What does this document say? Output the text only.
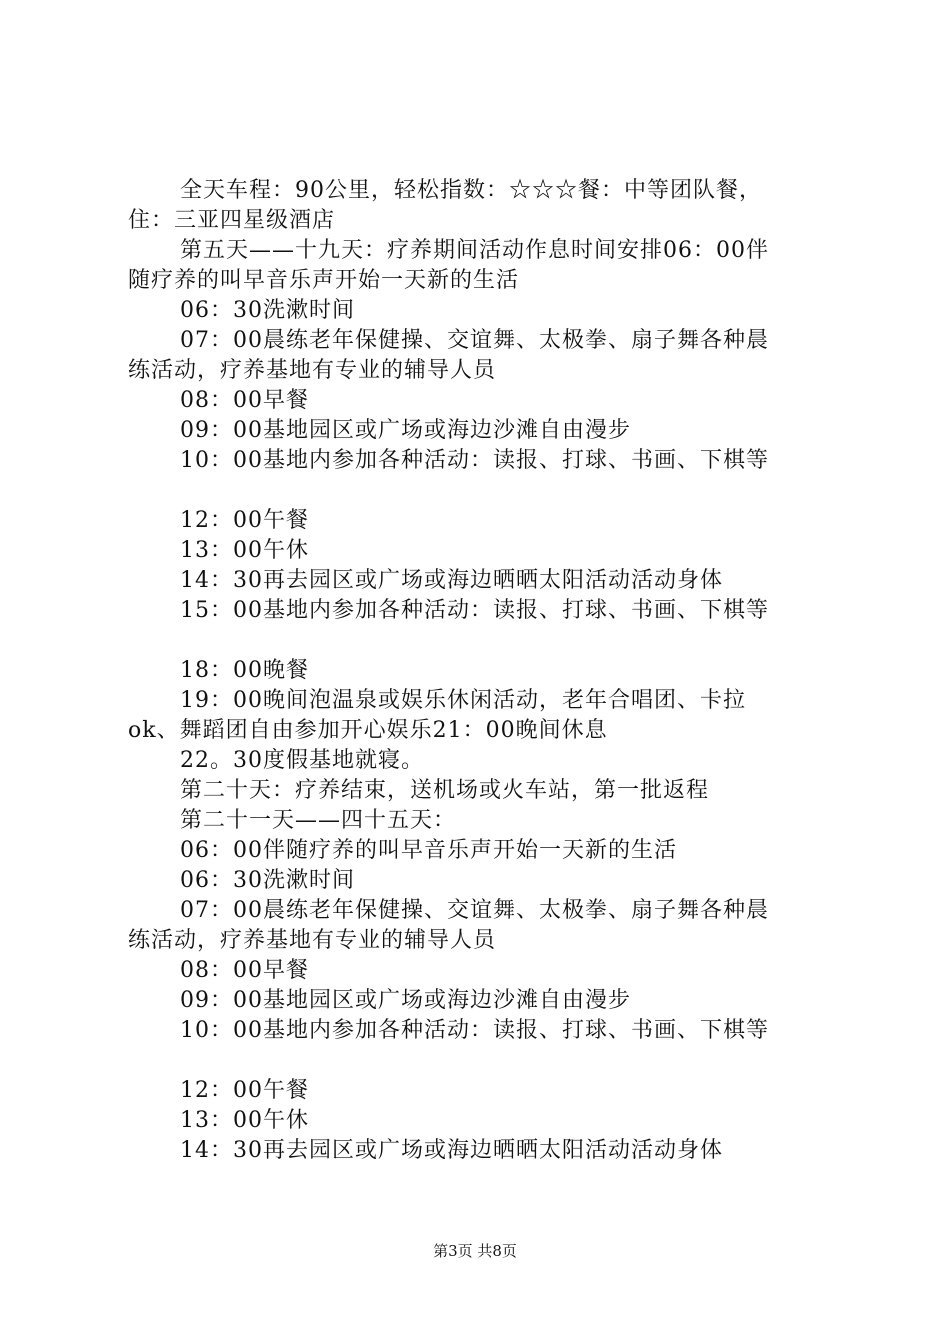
全天车程：90公里，轻松指数：☆☆☆餐：中等团队餐，
住：三亚四星级酒店
第五天——十九天：疗养期间活动作息时间安排06：00伴
随疗养的叫早音乐声开始一天新的生活
06：30洗漱时间
07：00晨练老年保健操、交谊舞、太极拳、扇子舞各种晨
练活动，疗养基地有专业的辅导人员
08：00早餐
09：00基地园区或广场或海边沙滩自由漫步
10：00基地内参加各种活动：读报、打球、书画、下棋等
12：00午餐
13：00午休
14：30再去园区或广场或海边晒晒太阳活动活动身体
15：00基地内参加各种活动：读报、打球、书画、下棋等
18：00晚餐
19：00晚间泡温泉或娱乐休闲活动，老年合唱团、卡拉
ok、舞蹈团自由参加开心娱乐21：00晚间休息
22。30度假基地就寝。
第二十天：疗养结束，送机场或火车站，第一批返程
第二十一天——四十五天：
06：00伴随疗养的叫早音乐声开始一天新的生活
06：30洗漱时间
07：00晨练老年保健操、交谊舞、太极拳、扇子舞各种晨
练活动，疗养基地有专业的辅导人员
08：00早餐
09：00基地园区或广场或海边沙滩自由漫步
10：00基地内参加各种活动：读报、打球、书画、下棋等
12：00午餐
13：00午休
14：30再去园区或广场或海边晒晒太阳活动活动身体
第3页 共8页
